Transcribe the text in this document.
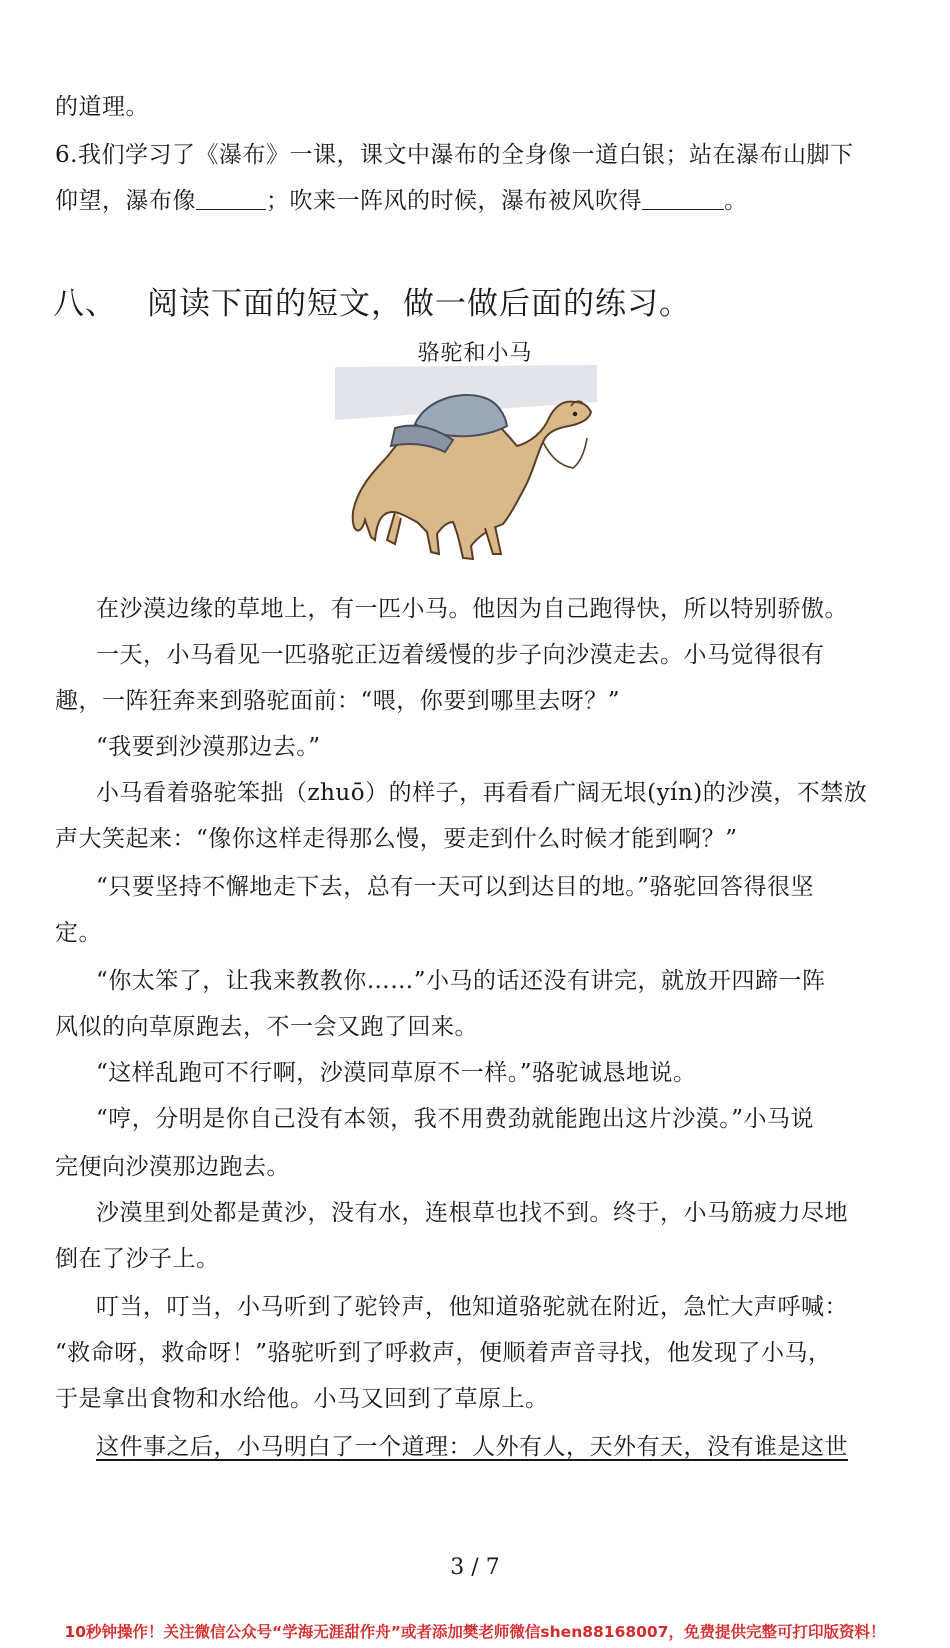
的道理。
6.我们学习了《瀑布》一课，课文中瀑布的全身像一道白银；站在瀑布山脚下
仰望，瀑布像	；吹来一阵风的时候，瀑布被风吹得	。
八、 阅读下面的短文，做一做后面的练习。
骆驼和小马
在沙漠边缘的草地上，有一匹小马。他因为自己跑得快，所以特别骄傲。
一天，小马看见一匹骆驼正迈着缓慢的步子向沙漠走去。小马觉得很有
趣，一阵狂奔来到骆驼面前：“喂，你要到哪里去呀？”
“我要到沙漠那边去。”
小马看着骆驼笨拙（zhuō）的样子，再看看广阔无垠(yín)的沙漠，不禁放
声大笑起来：“像你这样走得那么慢，要走到什么时候才能到啊？”
“只要坚持不懈地走下去，总有一天可以到达目的地。”骆驼回答得很坚
定。
“你太笨了，让我来教教你……”小马的话还没有讲完，就放开四蹄一阵
风似的向草原跑去，不一会又跑了回来。
“这样乱跑可不行啊，沙漠同草原不一样。”骆驼诚恳地说。
“哼，分明是你自己没有本领，我不用费劲就能跑出这片沙漠。”小马说
完便向沙漠那边跑去。
沙漠里到处都是黄沙，没有水，连根草也找不到。终于，小马筋疲力尽地
倒在了沙子上。
叮当，叮当，小马听到了驼铃声，他知道骆驼就在附近，急忙大声呼喊：
“救命呀，救命呀！”骆驼听到了呼救声，便顺着声音寻找，他发现了小马，
于是拿出食物和水给他。小马又回到了草原上。
这件事之后，小马明白了一个道理：人外有人，天外有天，没有谁是这世
3 / 7
10秒钟操作！关注微信公众号“学海无涯甜作舟”或者添加樊老师微信shen88168007，免费提供完整可打印版资料！
